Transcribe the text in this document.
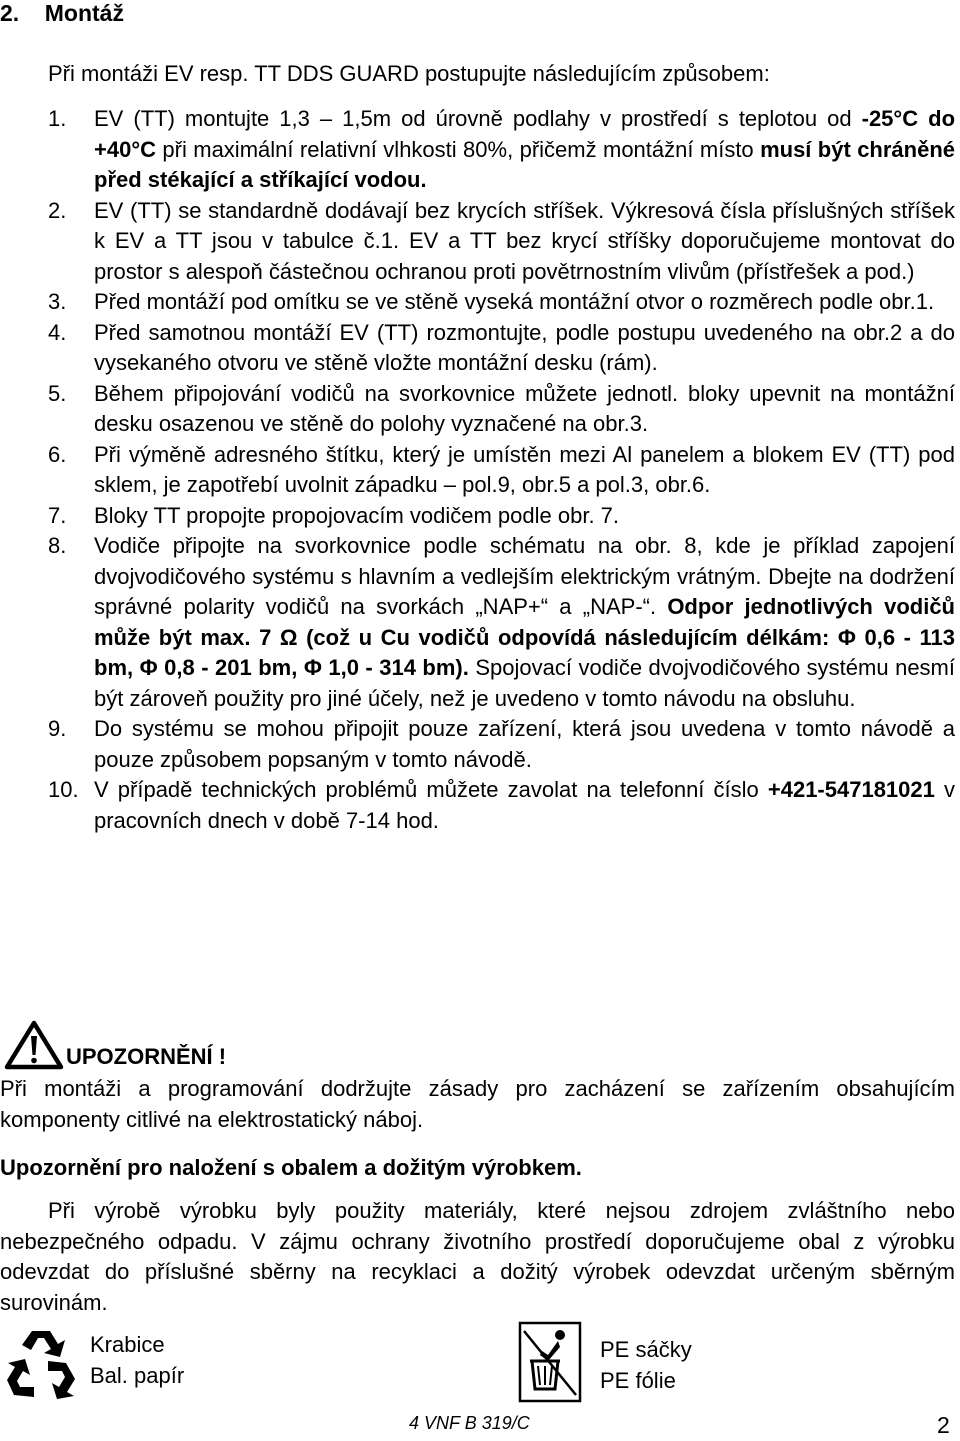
2.    Montáž
Při montáži EV resp. TT DDS GUARD postupujte následujícím způsobem:
1. EV (TT) montujte 1,3 – 1,5m od úrovně podlahy v prostředí s teplotou od -25°C do +40°C při maximální relativní vlhkosti 80%, přičemž montážní místo musí být chráněné před stékající a stříkající vodou.
2. EV (TT) se standardně dodávají bez krycích stříšek. Výkresová čísla příslušných stříšek k EV a TT jsou v tabulce č.1. EV a TT bez krycí stříšky doporučujeme montovat do prostor s alespoň částečnou ochranou proti povětrnostním vlivům (přístřešek a pod.)
3. Před montáží pod omítku se ve stěně vyseká montážní otvor o rozměrech podle obr.1.
4. Před samotnou montáží EV (TT) rozmontujte, podle postupu uvedeného na obr.2 a do vysekaného otvoru ve stěně vložte montážní desku (rám).
5. Během připojování vodičů na svorkovnice můžete jednotl. bloky upevnit na montážní desku osazenou ve stěně do polohy vyznačené na obr.3.
6. Při výměně adresného štítku, který je umístěn mezi Al panelem a blokem EV (TT) pod sklem, je zapotřebí uvolnit západku – pol.9, obr.5 a pol.3, obr.6.
7. Bloky TT propojte propojovacím vodičem podle obr. 7.
8. Vodiče připojte na svorkovnice podle schématu na obr. 8, kde je příklad zapojení dvojvodičového systému s hlavním a vedlejším elektrickým vrátným. Dbejte na dodržení správné polarity vodičů na svorkách „NAP+“ a „NAP-“. Odpor jednotlivých vodičů může být max. 7 Ω (což u Cu vodičů odpovídá následujícím délkám: Φ 0,6 - 113 bm, Φ 0,8 - 201 bm, Φ 1,0 - 314 bm). Spojovací vodiče dvojvodičového systému nesmí být zároveň použity pro jiné účely, než je uvedeno v tomto návodu na obsluhu.
9. Do systému se mohou připojit pouze zařízení, která jsou uvedena v tomto návodě a pouze způsobem popsaným v tomto návodě.
10. V případě technických problémů můžete zavolat na telefonní číslo +421-547181021 v pracovních dnech v době 7-14 hod.
UPOZORNĚNÍ !
Při montáži a programování dodržujte zásady pro zacházení se zařízením obsahujícím komponenty citlivé na elektrostatický náboj.
Upozornění pro naložení s obalem a dožitým výrobkem.
Při výrobě výrobku byly použity materiály, které nejsou zdrojem zvláštního nebo nebezpečného odpadu. V zájmu ochrany životního prostředí doporučujeme obal z výrobku odevzdat do příslušné sběrny na recyklaci a dožitý výrobek odevzdat určeným sběrným surovinám.
Krabice
Bal. papír
PE sáčky
PE fólie
4 VNF B 319/C	2
